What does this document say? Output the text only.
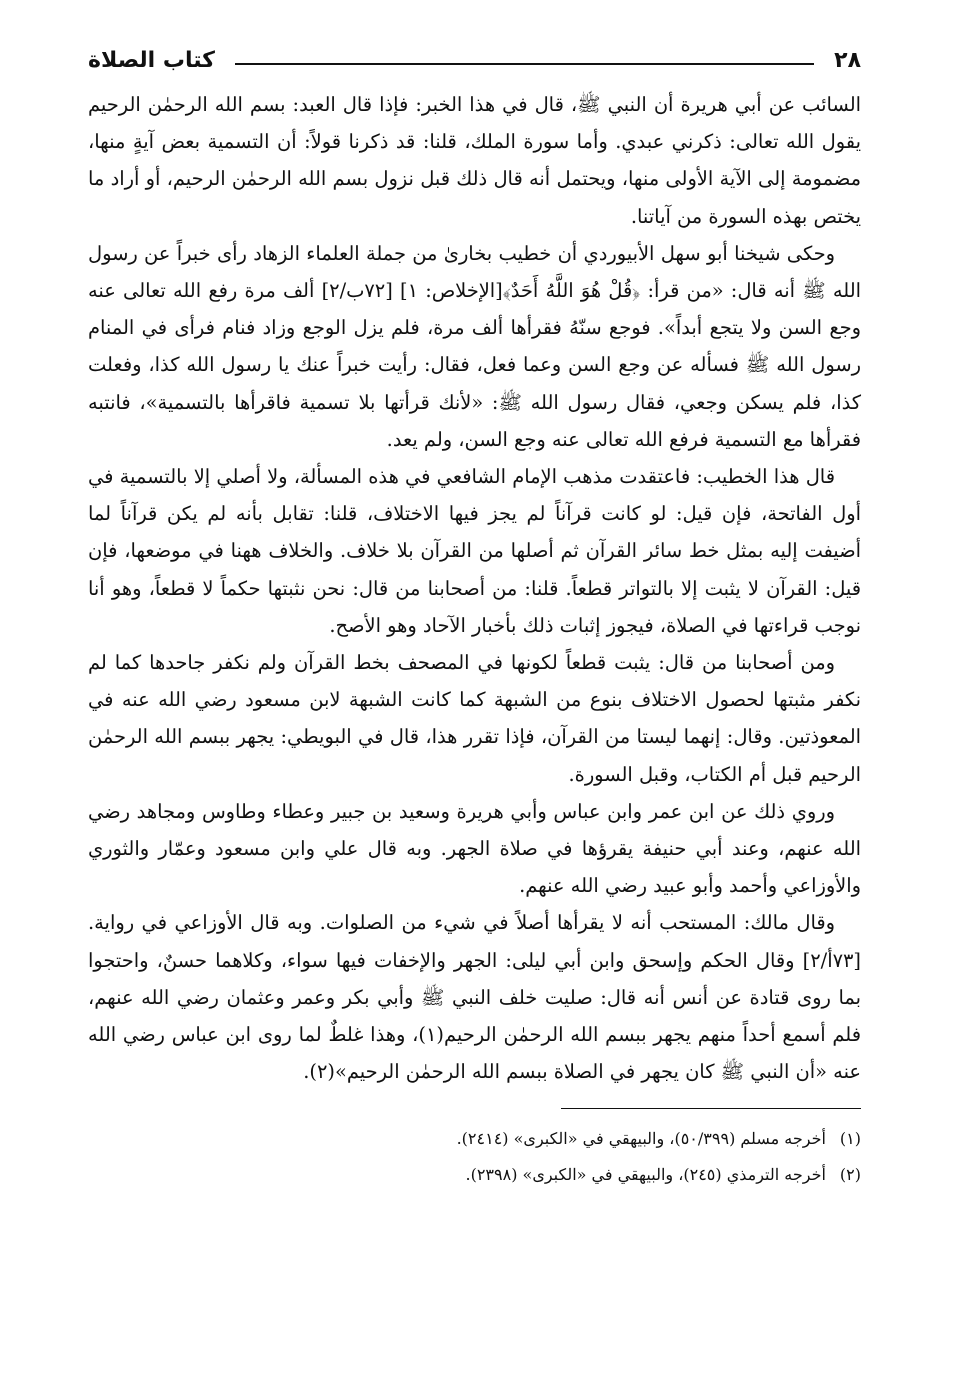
٢٨
كتاب الصلاة

السائب عن أبي هريرة أن النبي ﷺ، قال في هذا الخبر: فإذا قال العبد: بسم الله الرحمٰن الرحيم يقول الله تعالى: ذكرني عبدي. وأما سورة الملك، قلنا: قد ذكرنا قولاً: أن التسمية بعض آيةٍ منها، مضمومة إلى الآية الأولى منها، ويحتمل أنه قال ذلك قبل نزول بسم الله الرحمٰن الرحيم، أو أراد ما يختص بهذه السورة من آياتنا.

وحكى شيخنا أبو سهل الأبيوردي أن خطيب بخارىٰ من جملة العلماء الزهاد رأى خبراً عن رسول الله ﷺ أنه قال: «من قرأ: ﴿قُلْ هُوَ اللَّهُ أَحَدٌ﴾[الإخلاص: ١] [٧٢ب/٢] ألف مرة رفع الله تعالى عنه وجع السن ولا يتجع أبداً». فوجع سنّهُ فقرأها ألف مرة، فلم يزل الوجع وزاد فنام فرأى في المنام رسول الله ﷺ فسأله عن وجع السن وعما فعل، فقال: رأيت خبراً عنك يا رسول الله كذا، وفعلت كذا، فلم يسكن وجعي، فقال رسول الله ﷺ: «لأنك قرأتها بلا تسمية فاقرأها بالتسمية»، فانتبه فقرأها مع التسمية فرفع الله تعالى عنه وجع السن، ولم يعد.

قال هذا الخطيب: فاعتقدت مذهب الإمام الشافعي في هذه المسألة، ولا أصلي إلا بالتسمية في أول الفاتحة، فإن قيل: لو كانت قرآناً لم يجز فيها الاختلاف، قلنا: تقابل بأنه لم يكن قرآناً لما أضيفت إليه بمثل خط سائر القرآن ثم أصلها من القرآن بلا خلاف. والخلاف ههنا في موضعها، فإن قيل: القرآن لا يثبت إلا بالتواتر قطعاً. قلنا: من أصحابنا من قال: نحن نثبتها حكماً لا قطعاً، وهو أنا نوجب قراءتها في الصلاة، فيجوز إثبات ذلك بأخبار الآحاد وهو الأصح.

ومن أصحابنا من قال: يثبت قطعاً لكونها في المصحف بخط القرآن ولم نكفر جاحدها كما لم نكفر مثبتها لحصول الاختلاف بنوع من الشبهة كما كانت الشبهة لابن مسعود رضي الله عنه في المعوذتين. وقال: إنهما ليستا من القرآن، فإذا تقرر هذا، قال في البويطي: يجهر ببسم الله الرحمٰن الرحيم قبل أم الكتاب، وقبل السورة.

وروي ذلك عن ابن عمر وابن عباس وأبي هريرة وسعيد بن جبير وعطاء وطاوس ومجاهد رضي الله عنهم، وعند أبي حنيفة يقرؤها في صلاة الجهر. وبه قال علي وابن مسعود وعمّار والثوري والأوزاعي وأحمد وأبو عبيد رضي الله عنهم.

وقال مالك: المستحب أنه لا يقرأها أصلاً في شيء من الصلوات. وبه قال الأوزاعي في رواية. [٧٣أ/٢] وقال الحكم وإسحق وابن أبي ليلى: الجهر والإخفات فيها سواء، وكلاهما حسنٌ، واحتجوا بما روى قتادة عن أنس أنه قال: صليت خلف النبي ﷺ وأبي بكر وعمر وعثمان رضي الله عنهم، فلم أسمع أحداً منهم يجهر ببسم الله الرحمٰن الرحيم(١)، وهذا غلطٌ لما روى ابن عباس رضي الله عنه «أن النبي ﷺ كان يجهر في الصلاة ببسم الله الرحمٰن الرحيم»(٢).

(١)أخرجه مسلم (٥٠/٣٩٩)، والبيهقي في «الكبرى» (٢٤١٤).
(٢)أخرجه الترمذي (٢٤٥)، والبيهقي في «الكبرى» (٢٣٩٨).
